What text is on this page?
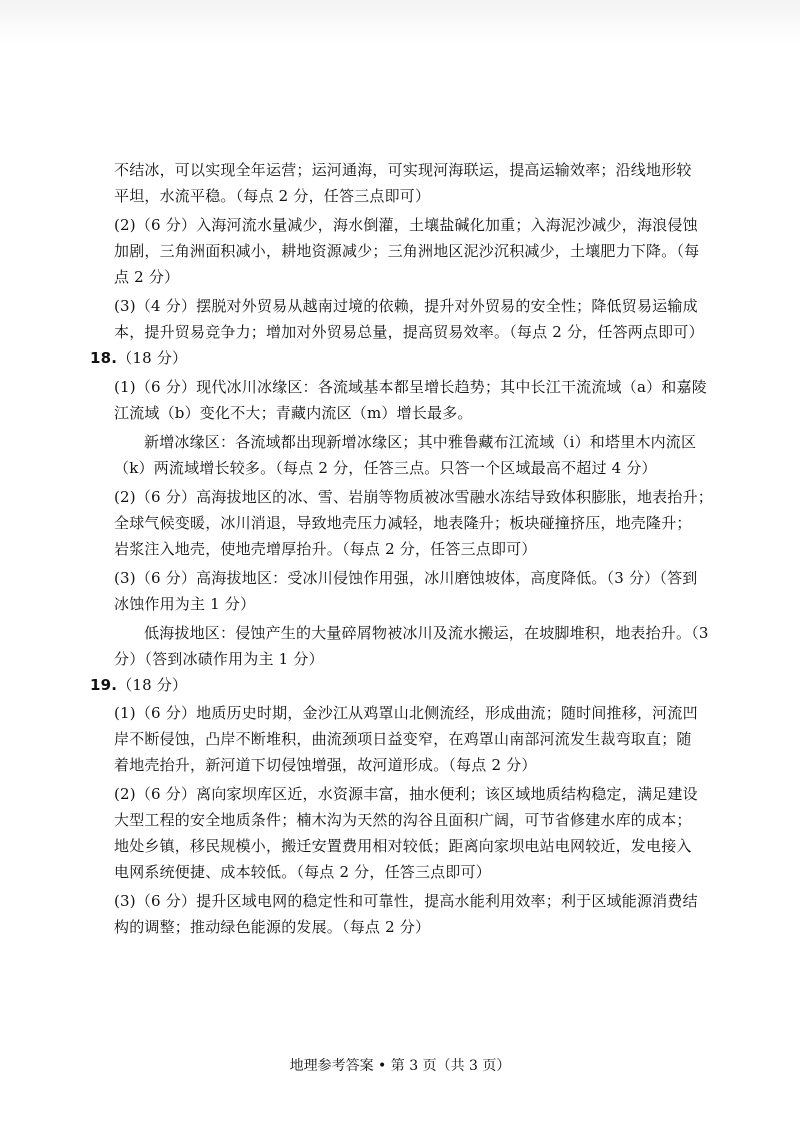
不结冰，可以实现全年运营；运河通海，可实现河海联运，提高运输效率；沿线地形较
平坦，水流平稳。（每点 2 分，任答三点即可）
(2)（6 分）入海河流水量减少，海水倒灌，土壤盐碱化加重；入海泥沙减少，海浪侵蚀
加剧，三角洲面积减小，耕地资源减少；三角洲地区泥沙沉积减少，土壤肥力下降。（每
点 2 分）
(3)（4 分）摆脱对外贸易从越南过境的依赖，提升对外贸易的安全性；降低贸易运输成
本，提升贸易竞争力；增加对外贸易总量，提高贸易效率。（每点 2 分，任答两点即可）
18.（18 分）
(1)（6 分）现代冰川冰缘区：各流域基本都呈增长趋势；其中长江干流流域（a）和嘉陵
江流域（b）变化不大；青藏内流区（m）增长最多。
新增冰缘区：各流域都出现新增冰缘区；其中雅鲁藏布江流域（i）和塔里木内流区
（k）两流域增长较多。（每点 2 分，任答三点。只答一个区域最高不超过 4 分）
(2)（6 分）高海拔地区的冰、雪、岩崩等物质被冰雪融水冻结导致体积膨胀，地表抬升；
全球气候变暖，冰川消退，导致地壳压力减轻，地表隆升；板块碰撞挤压，地壳隆升；
岩浆注入地壳，使地壳增厚抬升。（每点 2 分，任答三点即可）
(3)（6 分）高海拔地区：受冰川侵蚀作用强，冰川磨蚀坡体，高度降低。（3 分）（答到
冰蚀作用为主 1 分）
低海拔地区：侵蚀产生的大量碎屑物被冰川及流水搬运，在坡脚堆积，地表抬升。（3
分）（答到冰碛作用为主 1 分）
19.（18 分）
(1)（6 分）地质历史时期，金沙江从鸡罩山北侧流经，形成曲流；随时间推移，河流凹
岸不断侵蚀，凸岸不断堆积，曲流颈项日益变窄，在鸡罩山南部河流发生裁弯取直；随
着地壳抬升，新河道下切侵蚀增强，故河道形成。（每点 2 分）
(2)（6 分）离向家坝库区近，水资源丰富，抽水便利；该区域地质结构稳定，满足建设
大型工程的安全地质条件；楠木沟为天然的沟谷且面积广阔，可节省修建水库的成本；
地处乡镇，移民规模小，搬迁安置费用相对较低；距离向家坝电站电网较近，发电接入
电网系统便捷、成本较低。（每点 2 分，任答三点即可）
(3)（6 分）提升区域电网的稳定性和可靠性，提高水能利用效率；利于区域能源消费结
构的调整；推动绿色能源的发展。（每点 2 分）
地理参考答案 • 第 3 页（共 3 页）
